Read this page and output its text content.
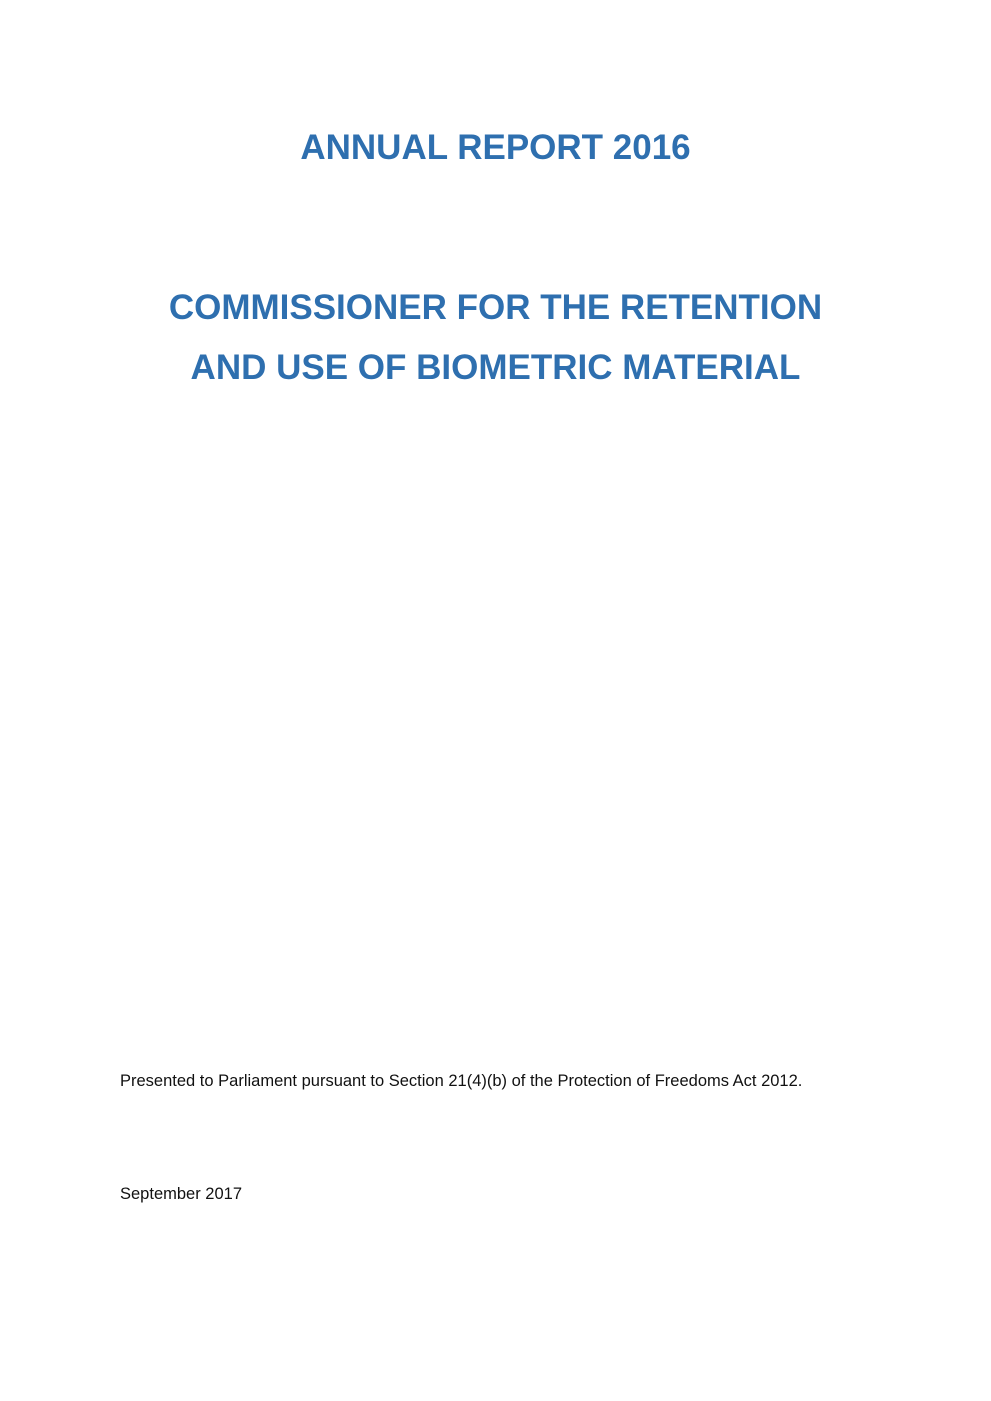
ANNUAL REPORT 2016
COMMISSIONER FOR THE RETENTION
AND USE OF BIOMETRIC MATERIAL

Presented to Parliament pursuant to Section 21(4)(b) of the Protection of Freedoms Act 2012.

September 2017
